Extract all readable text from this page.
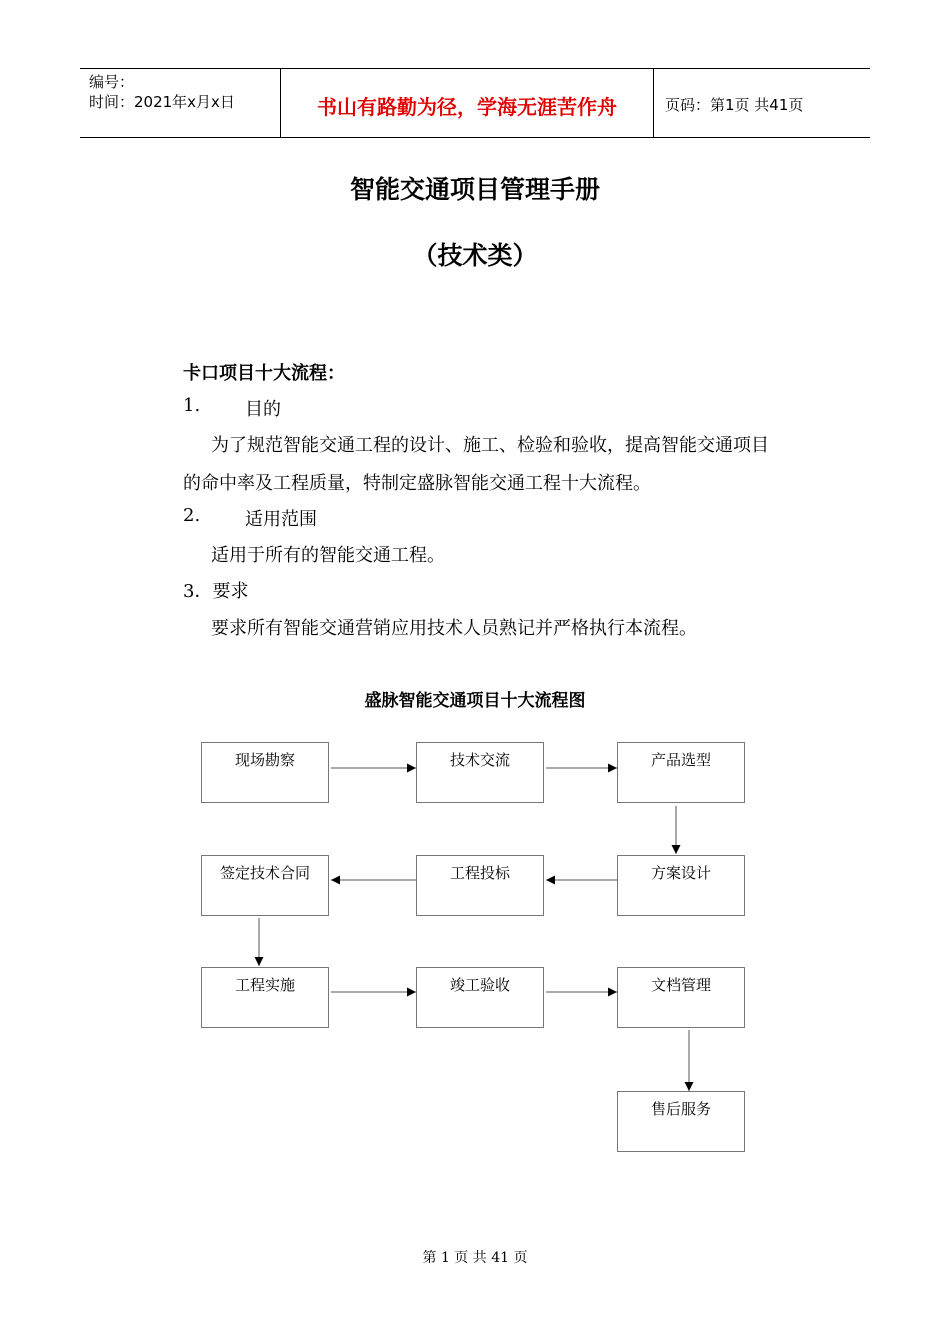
编号：
时间：2021年x月x日	书山有路勤为径，学海无涯苦作舟	页码：第1页 共41页
智能交通项目管理手册
（技术类）
卡口项目十大流程：
1. 目的
为了规范智能交通工程的设计、施工、检验和验收，提高智能交通项目
的命中率及工程质量，特制定盛脉智能交通工程十大流程。
2. 适用范围
适用于所有的智能交通工程。
3．要求
要求所有智能交通营销应用技术人员熟记并严格执行本流程。
盛脉智能交通项目十大流程图
现场勘察	技术交流	产品选型
方案设计
工程投标
签定技术合同
工程实施	竣工验收	文档管理
售后服务
第 1 页 共 41 页
